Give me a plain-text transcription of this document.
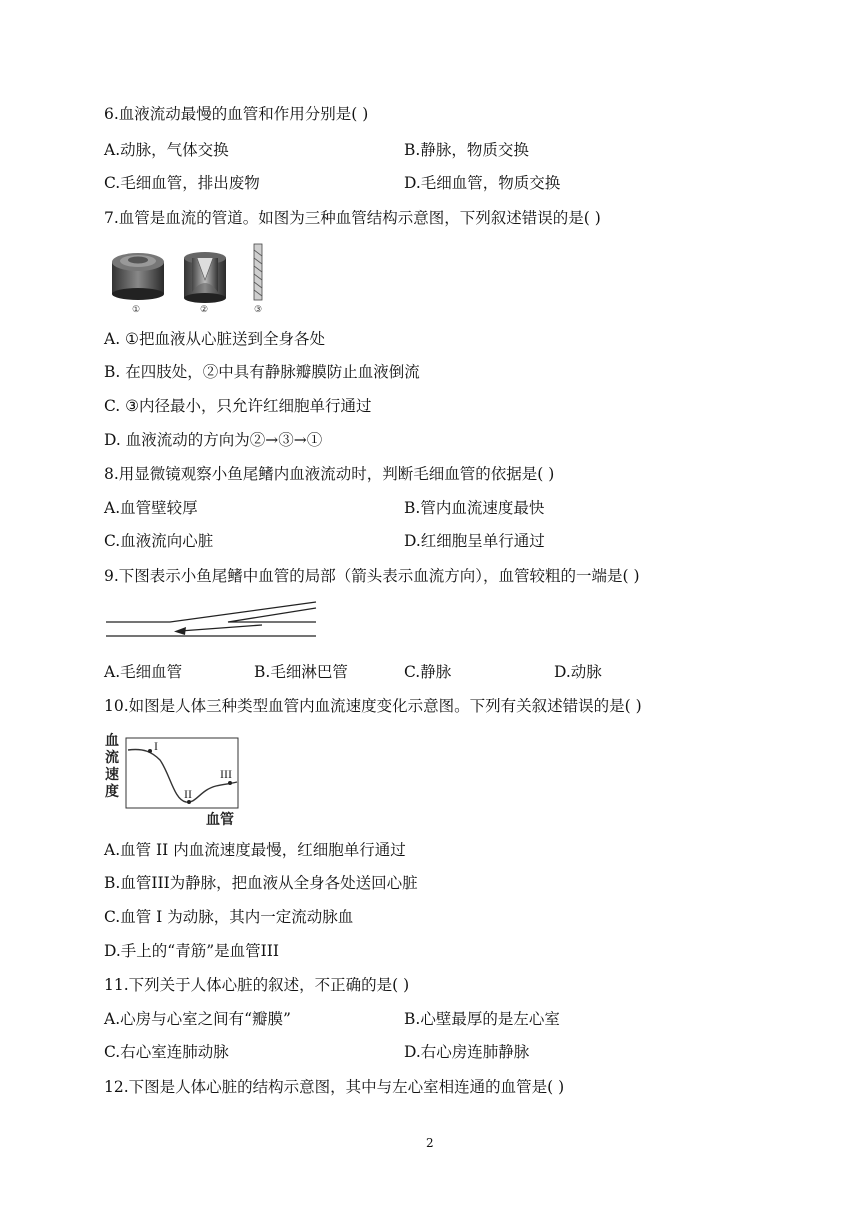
6.血液流动最慢的血管和作用分别是( )
A.动脉，气体交换	B.静脉，物质交换
C.毛细血管，排出废物	D.毛细血管，物质交换
7.血管是血流的管道。如图为三种血管结构示意图，下列叙述错误的是( )
①	②	③
A. ①把血液从心脏送到全身各处
B. 在四肢处，②中具有静脉瓣膜防止血液倒流
C. ③内径最小，只允许红细胞单行通过
D. 血液流动的方向为②→③→①
8.用显微镜观察小鱼尾鳍内血液流动时，判断毛细血管的依据是( )
A.血管壁较厚	B.管内血流速度最快
C.血液流向心脏	D.红细胞呈单行通过
9.下图表示小鱼尾鳍中血管的局部（箭头表示血流方向），血管较粗的一端是( )
A.毛细血管	B.毛细淋巴管	C.静脉	D.动脉
10.如图是人体三种类型血管内血流速度变化示意图。下列有关叙述错误的是( )
血
流
速
度
血管
I
II
III
A.血管 II 内血流速度最慢，红细胞单行通过
B.血管III为静脉，把血液从全身各处送回心脏
C.血管 I 为动脉，其内一定流动脉血
D.手上的“青筋”是血管III
11.下列关于人体心脏的叙述，不正确的是( )
A.心房与心室之间有“瓣膜”	B.心壁最厚的是左心室
C.右心室连肺动脉	D.右心房连肺静脉
12.下图是人体心脏的结构示意图，其中与左心室相连通的血管是( )
2
